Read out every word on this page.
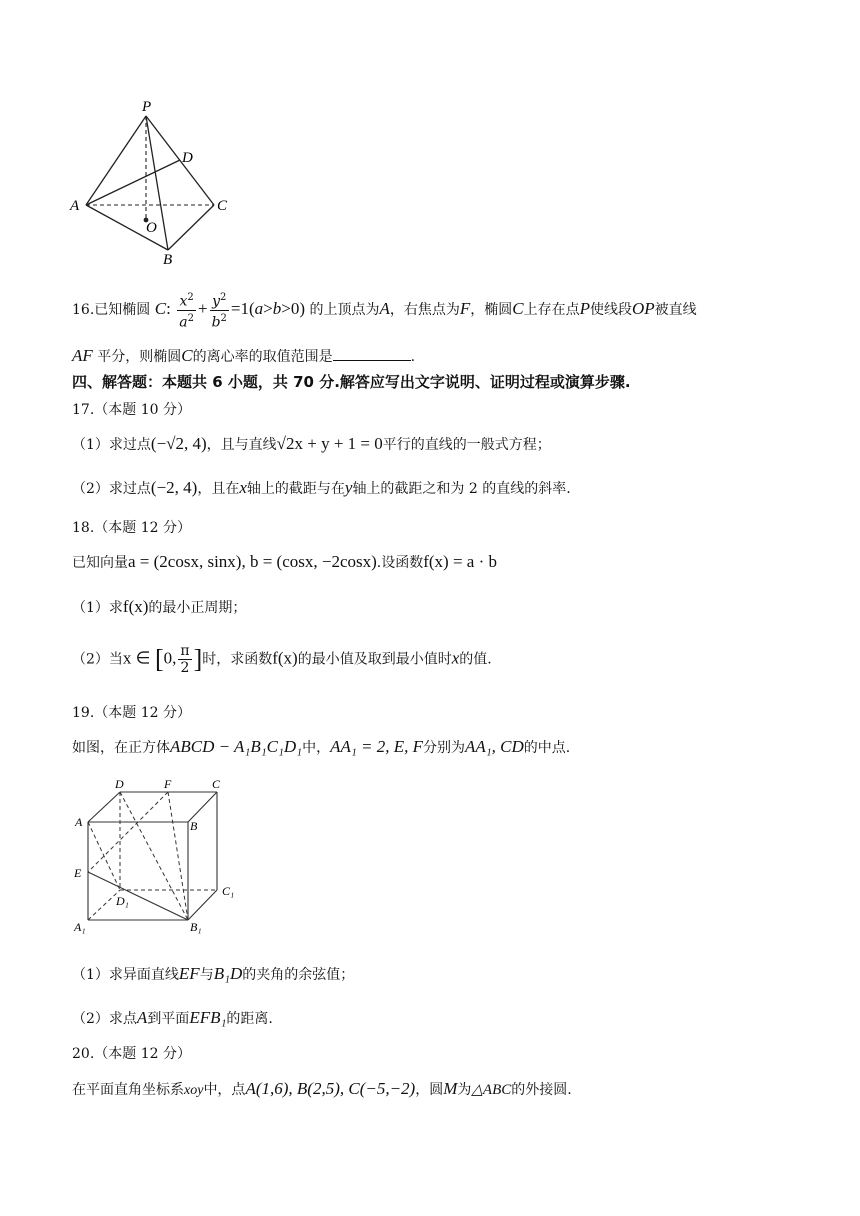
P
D
A	C
O
B
16.已知椭圆 C: $\frac{x^2}{a^2} + \frac{y^2}{b^2} =1(a>b>0)$ 的上顶点为A，右焦点为F，椭圆C上存在点P使线段OP被直线
AF 平分，则椭圆C的离心率的取值范围是	.
四、解答题：本题共 6 小题，共 70 分.解答应写出文字说明、证明过程或演算步骤.
17.（本题 10 分）
（1）求过点(−√2, 4)，且与直线√2x + y + 1 = 0平行的直线的一般式方程；
（2）求过点(−2, 4)，且在x轴上的截距与在y轴上的截距之和为 2 的直线的斜率.
18.（本题 12 分）
已知向量a = (2cosx, sinx), b = (cosx, −2cosx).设函数f(x) = a · b
（1）求f(x)的最小正周期；
（2）当x ∈ [0, $\frac{\pi}{2}$ ]时，求函数f(x)的最小值及取到最小值时x的值.
19.（本题 12 分）
如图，在正方体ABCD − A₁B₁C₁D₁中，AA₁ = 2, E, F分别为AA₁, CD的中点.
D	F	C
A	B
E
C₁
D₁
A₁	B₁
（1）求异面直线EF与B₁D的夹角的余弦值；
（2）求点A到平面EFB₁的距离.
20.（本题 12 分）
在平面直角坐标系xoy中，点A(1,6), B(2,5), C(−5,−2)，圆M为△ABC的外接圆.
